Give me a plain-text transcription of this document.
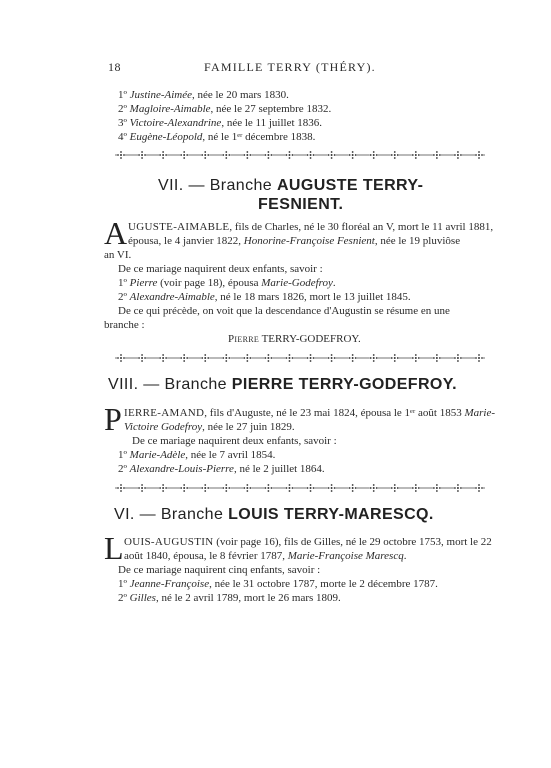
18	FAMILLE TERRY (THÉRY).
1º Justine-Aimée, née le 20 mars 1830.
2º Magloire-Aimable, née le 27 septembre 1832.
3º Victoire-Alexandrine, née le 11 juillet 1836.
4º Eugène-Léopold, né le 1ᵉʳ décembre 1838.
VII. — Branche AUGUSTE TERRY-
FESNIENT.
A UGUSTE-AIMABLE, fils de Charles, né le 30 floréal an V, mort le 11 avril 1881,
épousa, le 4 janvier 1822, Honorine-Françoise Fesnient, née le 19 pluviôse
an VI.
De ce mariage naquirent deux enfants, savoir :
1º Pierre (voir page 18), épousa Marie-Godefroy.
2º Alexandre-Aimable, né le 18 mars 1826, mort le 13 juillet 1845.
De ce qui précède, on voit que la descendance d'Augustin se résume en une
branche :
Pierre TERRY-GODEFROY.
VIII. — Branche PIERRE TERRY-GODEFROY.
P IERRE-AMAND, fils d'Auguste, né le 23 mai 1824, épousa le 1ᵉʳ août 1853 Marie-
Victoire Godefroy, née le 27 juin 1829.
De ce mariage naquirent deux enfants, savoir :
1º Marie-Adèle, née le 7 avril 1854.
2º Alexandre-Louis-Pierre, né le 2 juillet 1864.
VI. — Branche LOUIS TERRY-MARESCQ.
L OUIS-AUGUSTIN (voir page 16), fils de Gilles, né le 29 octobre 1753, mort le 22
août 1840, épousa, le 8 février 1787, Marie-Françoise Marescq.
De ce mariage naquirent cinq enfants, savoir :
1º Jeanne-Françoise, née le 31 octobre 1787, morte le 2 décembre 1787.
2º Gilles, né le 2 avril 1789, mort le 26 mars 1809.
